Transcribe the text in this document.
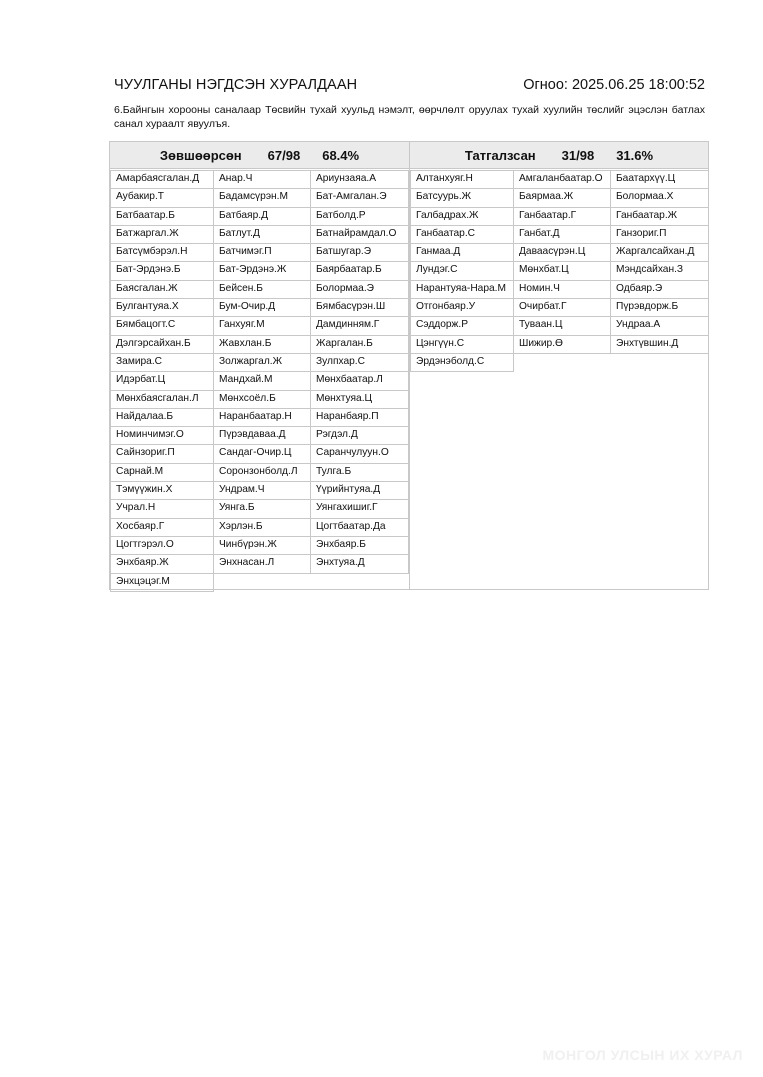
ЧУУЛГАНЫ НЭГДСЭН ХУРАЛДААН	Огноо: 2025.06.25 18:00:52
6.Байнгын хорооны саналаар Төсвийн тухай хуульд нэмэлт, өөрчлөлт оруулах тухай хуулийн төслийг эцэслэн батлах санал хураалт явуулъя.
Зөвшөөрсөн 67/98 68.4%
Амарбаясгалан.Д	Анар.Ч	Ариунзаяа.А
Аубакир.Т	Бадамсүрэн.М	Бат-Амгалан.Э
Батбаатар.Б	Батбаяр.Д	Батболд.Р
Батжаргал.Ж	Батлут.Д	Батнайрамдал.О
Батсүмбэрэл.Н	Батчимэг.П	Батшугар.Э
Бат-Эрдэнэ.Б	Бат-Эрдэнэ.Ж	Баярбаатар.Б
Баясгалан.Ж	Бейсен.Б	Болормаа.Э
Булгантуяа.Х	Бум-Очир.Д	Бямбасүрэн.Ш
Бямбацогт.С	Ганхуяг.М	Дамдинням.Г
Дэлгэрсайхан.Б	Жавхлан.Б	Жаргалан.Б
Замира.С	Золжаргал.Ж	Зулпхар.С
Идэрбат.Ц	Мандхай.М	Мөнхбаатар.Л
Мөнхбаясгалан.Л	Мөнхсоёл.Б	Мөнхтуяа.Ц
Найдалаа.Б	Наранбаатар.Н	Наранбаяр.П
Номинчимэг.О	Пүрэвдаваа.Д	Рэгдэл.Д
Сайнзориг.П	Сандаг-Очир.Ц	Саранчулуун.О
Сарнай.М	Соронзонболд.Л	Тулга.Б
Тэмүүжин.Х	Ундрам.Ч	Үүрийнтуяа.Д
Учрал.Н	Уянга.Б	Уянгахишиг.Г
Хосбаяр.Г	Хэрлэн.Б	Цогтбаатар.Да
Цогтгэрэл.О	Чинбүрэн.Ж	Энхбаяр.Б
Энхбаяр.Ж	Энхнасан.Л	Энхтуяа.Д
Энхцэцэг.М
Татгалзсан 31/98 31.6%
Алтанхуяг.Н	Амгаланбаатар.О	Баатархүү.Ц
Батсуурь.Ж	Баярмаа.Ж	Болормаа.Х
Галбадрах.Ж	Ганбаатар.Г	Ганбаатар.Ж
Ганбаатар.С	Ганбат.Д	Ганзориг.П
Ганмаа.Д	Даваасүрэн.Ц	Жаргалсайхан.Д
Лундэг.С	Мөнхбат.Ц	Мэндсайхан.З
Нарантуяа-Нара.М	Номин.Ч	Одбаяр.Э
Отгонбаяр.У	Очирбат.Г	Пүрэвдорж.Б
Сэддорж.Р	Туваан.Ц	Ундраа.А
Цэнгүүн.С	Шижир.Ө	Энхтүвшин.Д
Эрдэнэболд.С
МОНГОЛ УЛСЫН ИХ ХУРАЛ
